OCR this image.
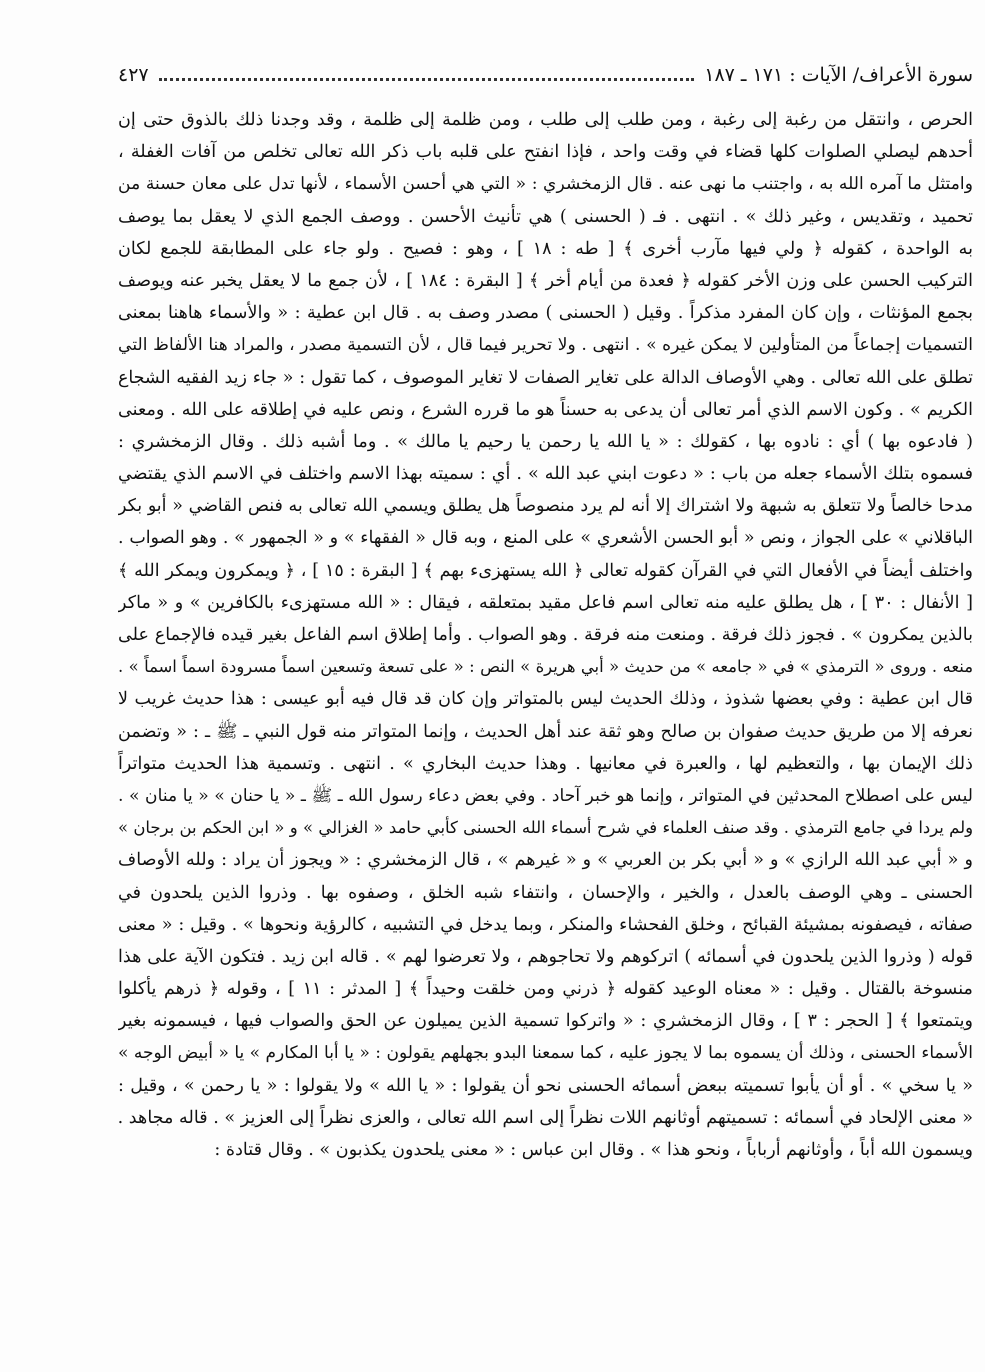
سورة الأعراف/ الآيات : ١٧١ ـ ١٨٧
٤٢٧
الحرص ، وانتقل من رغبة إلى رغبة ، ومن طلب إلى طلب ، ومن ظلمة إلى ظلمة ، وقد وجدنا ذلك بالذوق حتى إن
أحدهم ليصلي الصلوات كلها قضاء في وقت واحد ، فإذا انفتح على قلبه باب ذكر الله تعالى تخلص من آفات الغفلة ،
وامتثل ما آمره الله به ، واجتنب ما نهى عنه . قال الزمخشري : « التي هي أحسن الأسماء ، لأنها تدل على معان حسنة من
تحميد ، وتقديس ، وغير ذلك » . انتهى . فـ ( الحسنى ) هي تأنيث الأحسن . ووصف الجمع الذي لا يعقل بما يوصف
به الواحدة ، كقوله ﴿ ولي فيها مآرب أخرى ﴾ [ طه : ١٨ ] ، وهو : فصيح . ولو جاء على المطابقة للجمع لكان
التركيب الحسن على وزن الأخر كقوله ﴿ فعدة من أيام أخر ﴾ [ البقرة : ١٨٤ ] ، لأن جمع ما لا يعقل يخبر عنه ويوصف
بجمع المؤنثات ، وإن كان المفرد مذكراً . وقيل ( الحسنى ) مصدر وصف به . قال ابن عطية : « والأسماء هاهنا بمعنى
التسميات إجماعاً من المتأولين لا يمكن غيره » . انتهى . ولا تحرير فيما قال ، لأن التسمية مصدر ، والمراد هنا الألفاظ التي
تطلق على الله تعالى . وهي الأوصاف الدالة على تغاير الصفات لا تغاير الموصوف ، كما تقول : « جاء زيد الفقيه الشجاع
الكريم » . وكون الاسم الذي أمر تعالى أن يدعى به حسناً هو ما قرره الشرع ، ونص عليه في إطلاقه على الله . ومعنى
( فادعوه بها ) أي : نادوه بها ، كقولك : « يا الله يا رحمن يا رحيم يا مالك » . وما أشبه ذلك . وقال الزمخشري :
فسموه بتلك الأسماء جعله من باب : « دعوت ابني عبد الله » . أي : سميته بهذا الاسم واختلف في الاسم الذي يقتضي
مدحا خالصاً ولا تتعلق به شبهة ولا اشتراك إلا أنه لم يرد منصوصاً هل يطلق ويسمي الله تعالى به فنص القاضي « أبو بكر
الباقلاني » على الجواز ، ونص « أبو الحسن الأشعري » على المنع ، وبه قال « الفقهاء » و « الجمهور » . وهو الصواب .
واختلف أيضاً في الأفعال التي في القرآن كقوله تعالى ﴿ الله يستهزىء بهم ﴾ [ البقرة : ١٥ ] ، ﴿ ويمكرون ويمكر الله ﴾
[ الأنفال : ٣٠ ] ، هل يطلق عليه منه تعالى اسم فاعل مقيد بمتعلقه ، فيقال : « الله مستهزىء بالكافرين » و « ماكر
بالذين يمكرون » . فجوز ذلك فرقة . ومنعت منه فرقة . وهو الصواب . وأما إطلاق اسم الفاعل بغير قيده فالإجماع على
منعه . وروى « الترمذي » في « جامعه » من حديث « أبي هريرة » النص : « على تسعة وتسعين اسماً مسرودة اسماً اسماً » .
قال ابن عطية : وفي بعضها شذوذ ، وذلك الحديث ليس بالمتواتر وإن كان قد قال فيه أبو عيسى : هذا حديث غريب لا
نعرفه إلا من طريق حديث صفوان بن صالح وهو ثقة عند أهل الحديث ، وإنما المتواتر منه قول النبي ـ ﷺ ـ : « وتضمن
ذلك الإيمان بها ، والتعظيم لها ، والعبرة في معانيها . وهذا حديث البخاري » . انتهى . وتسمية هذا الحديث متواتراً
ليس على اصطلاح المحدثين في المتواتر ، وإنما هو خبر آحاد . وفي بعض دعاء رسول الله ـ ﷺ ـ « يا حنان » « يا منان » .
ولم يردا في جامع الترمذي . وقد صنف العلماء في شرح أسماء الله الحسنى كأبي حامد « الغزالي » و « ابن الحكم بن برجان »
و « أبي عبد الله الرازي » و « أبي بكر بن العربي » و « غيرهم » ، قال الزمخشري : « ويجوز أن يراد : ولله الأوصاف
الحسنى ـ وهي الوصف بالعدل ، والخير ، والإحسان ، وانتفاء شبه الخلق ، وصفوه بها . وذروا الذين يلحدون في
صفاته ، فيصفونه بمشيئة القبائح ، وخلق الفحشاء والمنكر ، وبما يدخل في التشبيه ، كالرؤية ونحوها » . وقيل : « معنى
قوله ( وذروا الذين يلحدون في أسمائه ) اتركوهم ولا تحاجوهم ، ولا تعرضوا لهم » . قاله ابن زيد . فتكون الآية على هذا
منسوخة بالقتال . وقيل : « معناه الوعيد كقوله ﴿ ذرني ومن خلقت وحيداً ﴾ [ المدثر : ١١ ] ، وقوله ﴿ ذرهم يأكلوا
ويتمتعوا ﴾ [ الحجر : ٣ ] ، وقال الزمخشري : « واتركوا تسمية الذين يميلون عن الحق والصواب فيها ، فيسمونه بغير
الأسماء الحسنى ، وذلك أن يسموه بما لا يجوز عليه ، كما سمعنا البدو بجهلهم يقولون : « يا أبا المكارم » يا « أبيض الوجه »
« يا سخي » . أو أن يأبوا تسميته ببعض أسمائه الحسنى نحو أن يقولوا : « يا الله » ولا يقولوا : « يا رحمن » ، وقيل :
« معنى الإلحاد في أسمائه : تسميتهم أوثانهم اللات نظراً إلى اسم الله تعالى ، والعزى نظراً إلى العزيز » . قاله مجاهد .
ويسمون الله أباً ، وأوثانهم أرباباً ، ونحو هذا » . وقال ابن عباس : « معنى يلحدون يكذبون » . وقال قتادة :
